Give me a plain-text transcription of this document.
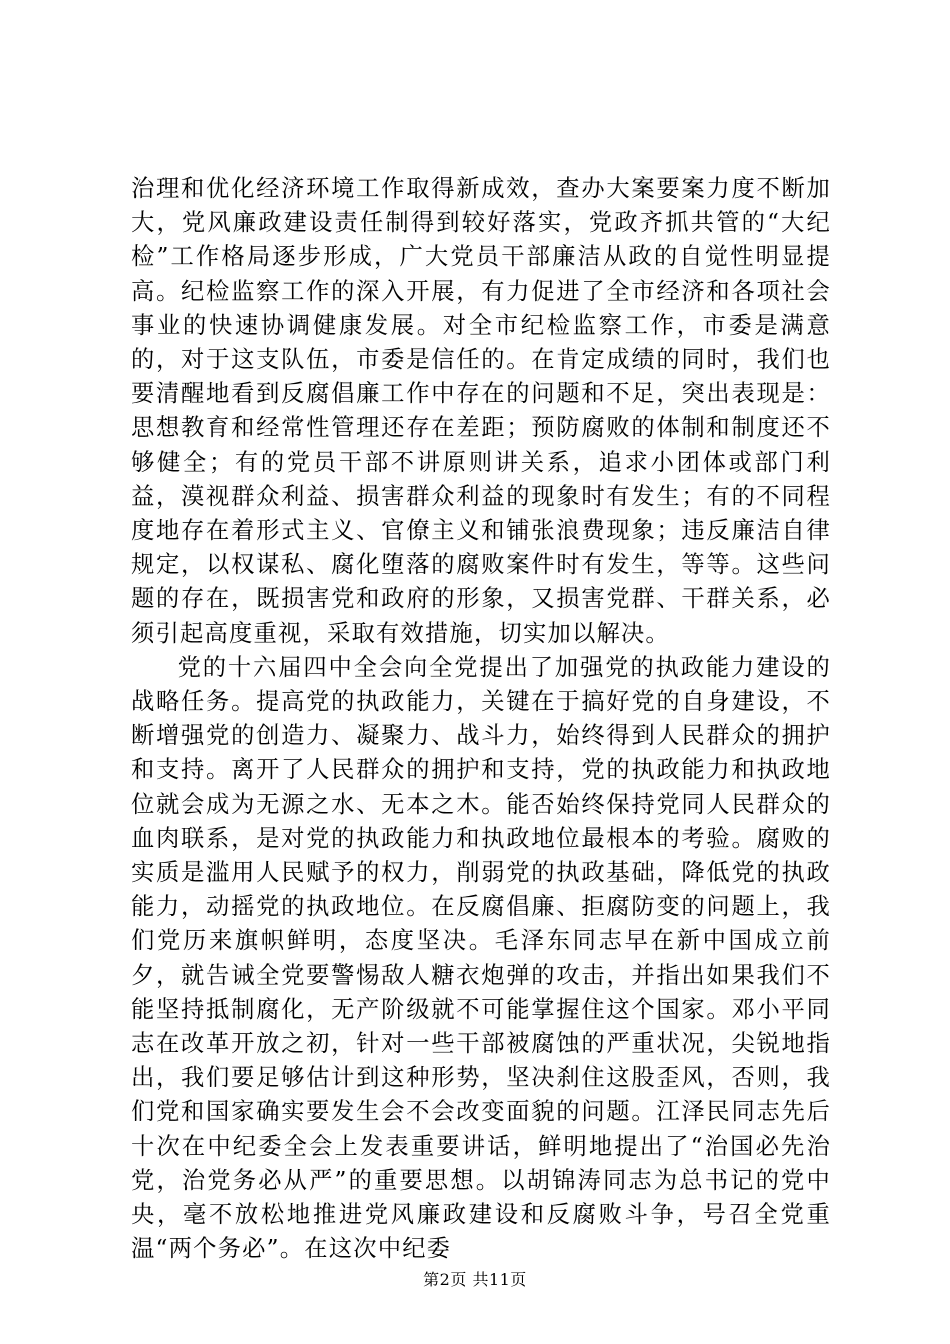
治理和优化经济环境工作取得新成效，查办大案要案力度不断加大，党风廉政建设责任制得到较好落实，党政齐抓共管的“大纪检”工作格局逐步形成，广大党员干部廉洁从政的自觉性明显提高。纪检监察工作的深入开展，有力促进了全市经济和各项社会事业的快速协调健康发展。对全市纪检监察工作，市委是满意的，对于这支队伍，市委是信任的。在肯定成绩的同时，我们也要清醒地看到反腐倡廉工作中存在的问题和不足，突出表现是：思想教育和经常性管理还存在差距；预防腐败的体制和制度还不够健全；有的党员干部不讲原则讲关系，追求小团体或部门利益，漠视群众利益、损害群众利益的现象时有发生；有的不同程度地存在着形式主义、官僚主义和铺张浪费现象；违反廉洁自律规定，以权谋私、腐化堕落的腐败案件时有发生，等等。这些问题的存在，既损害党和政府的形象，又损害党群、干群关系，必须引起高度重视，采取有效措施，切实加以解决。

党的十六届四中全会向全党提出了加强党的执政能力建设的战略任务。提高党的执政能力，关键在于搞好党的自身建设，不断增强党的创造力、凝聚力、战斗力，始终得到人民群众的拥护和支持。离开了人民群众的拥护和支持，党的执政能力和执政地位就会成为无源之水、无本之木。能否始终保持党同人民群众的血肉联系，是对党的执政能力和执政地位最根本的考验。腐败的实质是滥用人民赋予的权力，削弱党的执政基础，降低党的执政能力，动摇党的执政地位。在反腐倡廉、拒腐防变的问题上，我们党历来旗帜鲜明，态度坚决。毛泽东同志早在新中国成立前夕，就告诫全党要警惕敌人糖衣炮弹的攻击，并指出如果我们不能坚持抵制腐化，无产阶级就不可能掌握住这个国家。邓小平同志在改革开放之初，针对一些干部被腐蚀的严重状况，尖锐地指出，我们要足够估计到这种形势，坚决刹住这股歪风，否则，我们党和国家确实要发生会不会改变面貌的问题。江泽民同志先后十次在中纪委全会上发表重要讲话，鲜明地提出了“治国必先治党，治党务必从严”的重要思想。以胡锦涛同志为总书记的党中央，毫不放松地推进党风廉政建设和反腐败斗争，号召全党重温“两个务必”。在这次中纪委

第2页 共11页
